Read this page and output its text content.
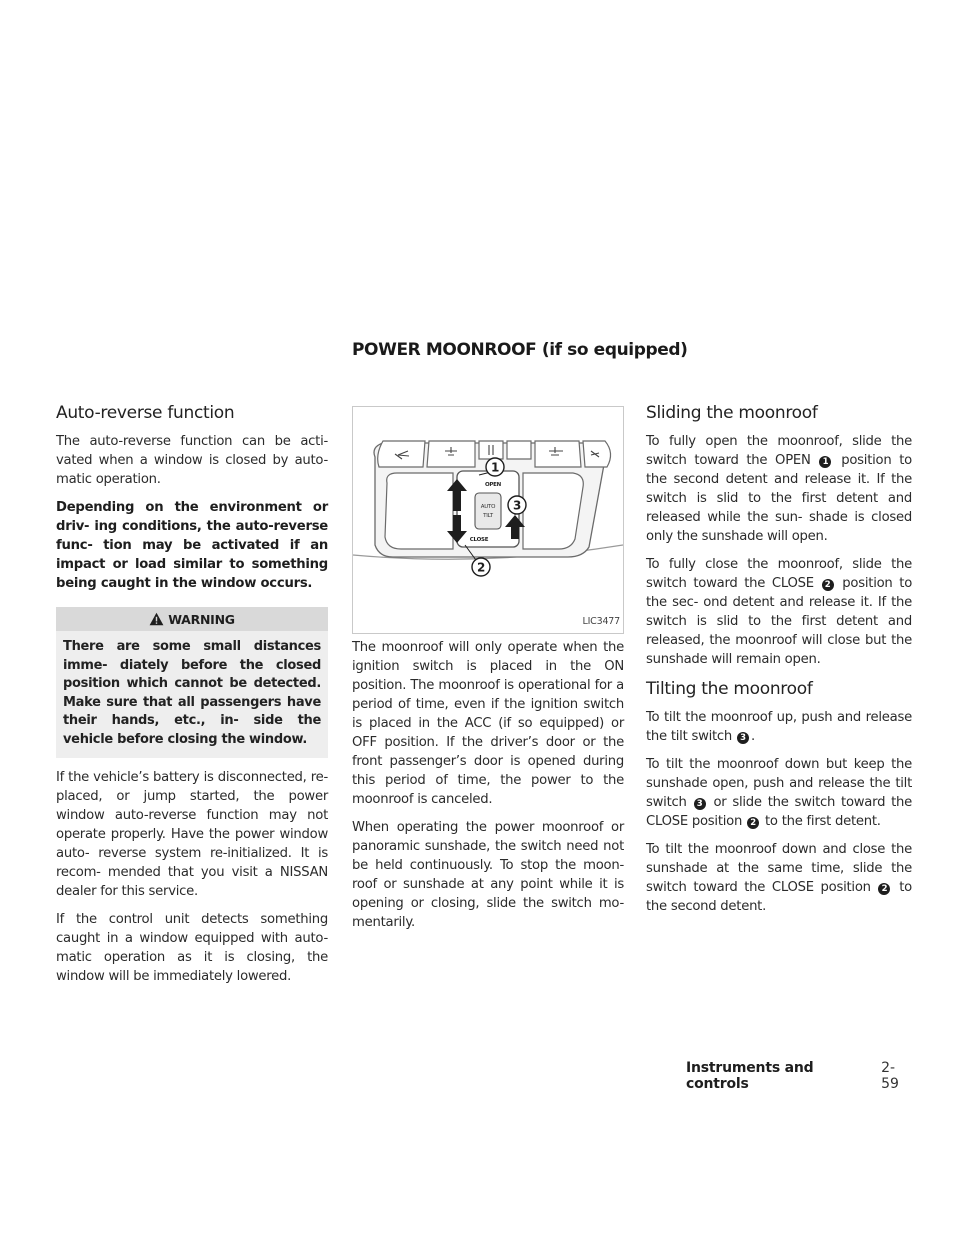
POWER MOONROOF (if so equipped)
Auto-reverse function

The auto-reverse function can be acti- vated when a window is closed by auto- matic operation.

Depending on the environment or driv- ing conditions, the auto-reverse func- tion may be activated if an impact or load similar to something being caught in the window occurs.

WARNING
There are some small distances imme- diately before the closed position which cannot be detected. Make sure that all passengers have their hands, etc., in- side the vehicle before closing the window.

If the vehicle’s battery is disconnected, re- placed, or jump started, the power window auto-reverse function may not operate properly. Have the power window auto- reverse system re-initialized. It is recom- mended that you visit a NISSAN dealer for this service.

If the control unit detects something caught in a window equipped with auto- matic operation as it is closing, the window will be immediately lowered.

AUTO
TILT
OPEN
CLOSE
1
3
2
LIC3477

The moonroof will only operate when the ignition switch is placed in the ON position. The moonroof is operational for a period of time, even if the ignition switch is placed in the ACC (if so equipped) or OFF position. If the driver’s door or the front passenger’s door is opened during this period of time, the power to the moonroof is canceled.

When operating the power moonroof or panoramic sunshade, the switch need not be held continuously. To stop the moon- roof or sunshade at any point while it is opening or closing, slide the switch mo- mentarily.

Sliding the moonroof

To fully open the moonroof, slide the switch toward the OPEN 1 position to the second detent and release it. If the switch is slid to the first detent and released while the sun- shade is closed only the sunshade will open.

To fully close the moonroof, slide the switch toward the CLOSE 2 position to the sec- ond detent and release it. If the switch is slid to the first detent and released, the moonroof will close but the sunshade will remain open.

Tilting the moonroof

To tilt the moonroof up, push and release the tilt switch 3 .

To tilt the moonroof down but keep the sunshade open, push and release the tilt switch 3 or slide the switch toward the CLOSE position 2 to the first detent.

To tilt the moonroof down and close the sunshade at the same time, slide the switch toward the CLOSE position 2 to the second detent.

Instruments and controls
2-59
